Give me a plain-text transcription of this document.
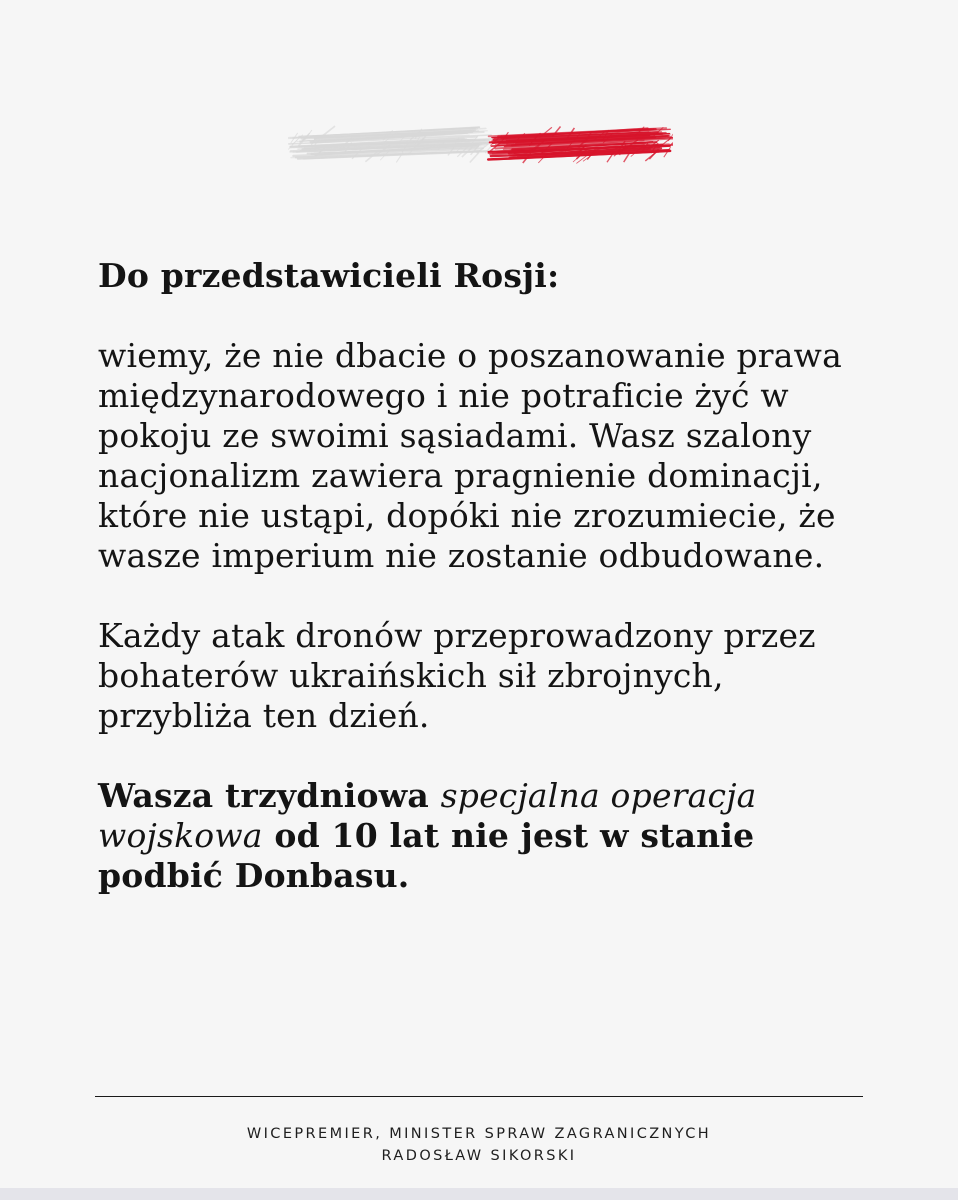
Do przedstawicieli Rosji:

wiemy, że nie dbacie o poszanowanie prawa międzynarodowego i nie potraficie żyć w pokoju ze swoimi sąsiadami. Wasz szalony nacjonalizm zawiera pragnienie dominacji, które nie ustąpi, dopóki nie zrozumiecie, że wasze imperium nie zostanie odbudowane.

Każdy atak dronów przeprowadzony przez bohaterów ukraińskich sił zbrojnych, przybliża ten dzień.

Wasza trzydniowa specjalna operacja wojskowa od 10 lat nie jest w stanie podbić Donbasu.

WICEPREMIER, MINISTER SPRAW ZAGRANICZNYCH
RADOSŁAW SIKORSKI
